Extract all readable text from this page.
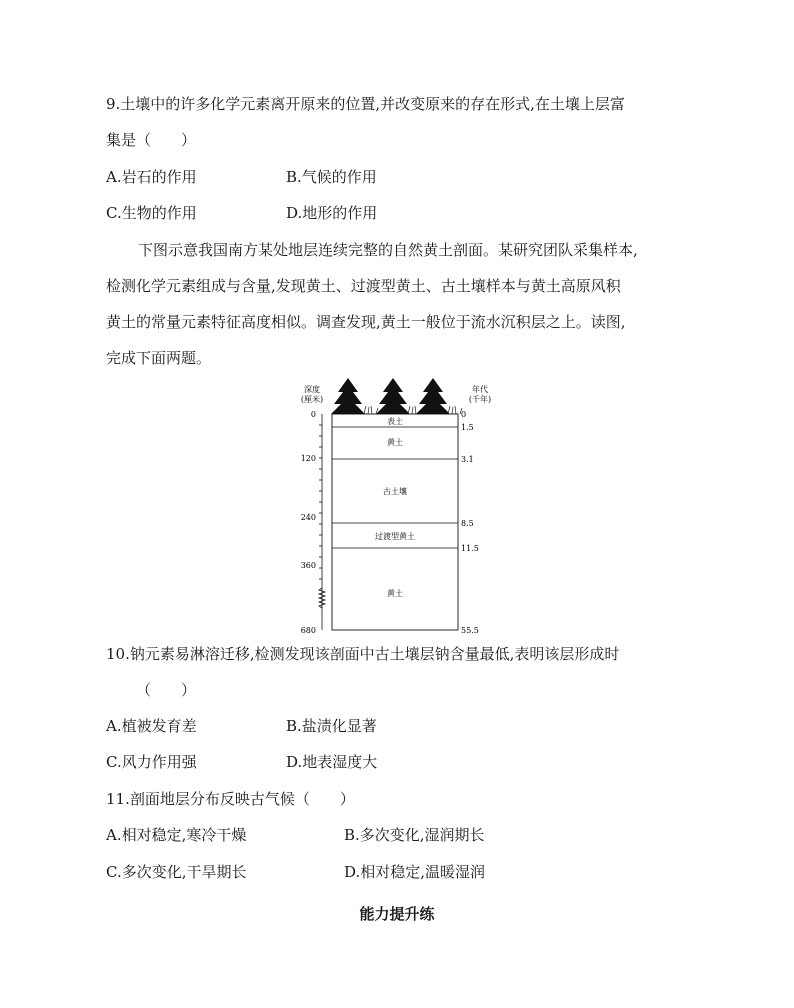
9.土壤中的许多化学元素离开原来的位置,并改变原来的存在形式,在土壤上层富
集是（　　）
A.岩石的作用	B.气候的作用
C.生物的作用	D.地形的作用
下图示意我国南方某处地层连续完整的自然黄土剖面。某研究团队采集样本,
检测化学元素组成与含量,发现黄土、过渡型黄土、古土壤样本与黄土高原风积
黄土的常量元素特征高度相似。调查发现,黄土一般位于流水沉积层之上。读图,
完成下面两题。
深度
(厘米)
年代
(千年)
0
120
240
360
680
表土
黄土
古土壤
过渡型黄土
黄土
0
1.5
3.1
8.5
11.5
55.5
10.钠元素易淋溶迁移,检测发现该剖面中古土壤层钠含量最低,表明该层形成时
（　　）
A.植被发育差	B.盐渍化显著
C.风力作用强	D.地表湿度大
11.剖面地层分布反映古气候（　　）
A.相对稳定,寒冷干燥	B.多次变化,湿润期长
C.多次变化,干旱期长	D.相对稳定,温暖湿润
能力提升练
